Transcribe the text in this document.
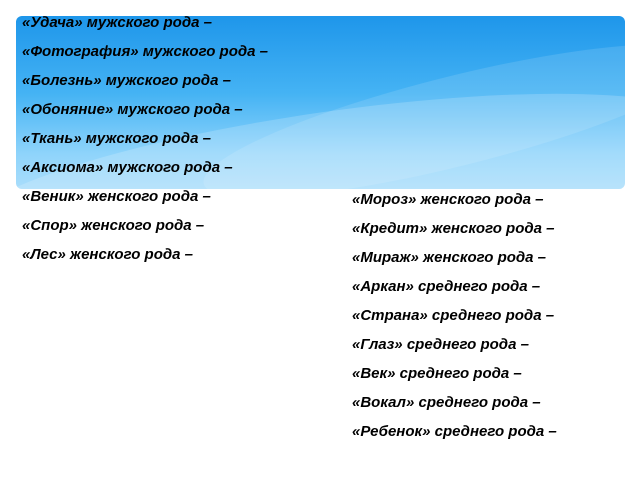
«Удача» мужского рода –
«Фотография» мужского рода –
«Болезнь» мужского рода –
«Обоняние» мужского рода –
«Ткань» мужского рода –
«Аксиома» мужского рода –
«Веник» женского рода –
«Спор» женского рода –
«Лес» женского рода –
«Мороз» женского рода –
«Кредит» женского рода –
«Мираж» женского рода –
«Аркан» среднего рода –
«Страна» среднего рода –
«Глаз» среднего рода –
«Век» среднего рода –
«Вокал» среднего рода –
«Ребенок» среднего рода –
